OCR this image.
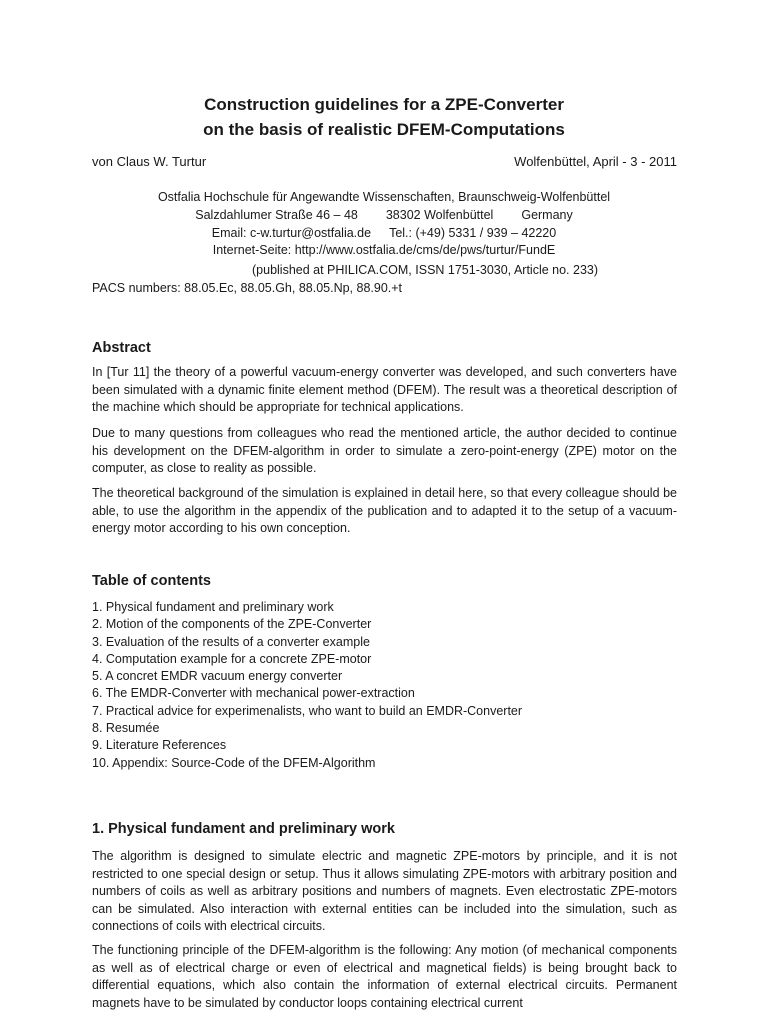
Construction guidelines for a ZPE-Converter
on the basis of realistic DFEM-Computations
von Claus W. Turtur	Wolfenbüttel, April - 3 - 2011
Ostfalia Hochschule für Angewandte Wissenschaften, Braunschweig-Wolfenbüttel
Salzdahlumer Straße 46 – 48 38302 Wolfenbüttel Germany
Email: c-w.turtur@ostfalia.de Tel.: (+49) 5331 / 939 – 42220
Internet-Seite: http://www.ostfalia.de/cms/de/pws/turtur/FundE
(published at PHILICA.COM, ISSN 1751-3030, Article no. 233)
PACS numbers: 88.05.Ec, 88.05.Gh, 88.05.Np, 88.90.+t
Abstract

In [Tur 11] the theory of a powerful vacuum-energy converter was developed, and such converters have been simulated with a dynamic finite element method (DFEM). The result was a theoretical description of the machine which should be appropriate for technical applications.

Due to many questions from colleagues who read the mentioned article, the author decided to continue his development on the DFEM-algorithm in order to simulate a zero-point-energy (ZPE) motor on the computer, as close to reality as possible.

The theoretical background of the simulation is explained in detail here, so that every colleague should be able, to use the algorithm in the appendix of the publication and to adapted it to the setup of a vacuum-energy motor according to his own conception.

Table of contents
1. Physical fundament and preliminary work
2. Motion of the components of the ZPE-Converter
3. Evaluation of the results of a converter example
4. Computation example for a concrete ZPE-motor
5. A concret EMDR vacuum energy converter
6. The EMDR-Converter with mechanical power-extraction
7. Practical advice for experimenalists, who want to build an EMDR-Converter
8. Resumée
9. Literature References
10. Appendix: Source-Code of the DFEM-Algorithm
1. Physical fundament and preliminary work

The algorithm is designed to simulate electric and magnetic ZPE-motors by principle, and it is not restricted to one special design or setup. Thus it allows simulating ZPE-motors with arbitrary position and numbers of coils as well as arbitrary positions and numbers of magnets. Even electrostatic ZPE-motors can be simulated. Also interaction with external entities can be included into the simulation, such as connections of coils with electrical circuits.

The functioning principle of the DFEM-algorithm is the following: Any motion (of mechanical components as well as of electrical charge or even of electrical and magnetical fields) is being brought back to differential equations, which also contain the information of external electrical circuits. Permanent magnets have to be simulated by conductor loops containing electrical current
